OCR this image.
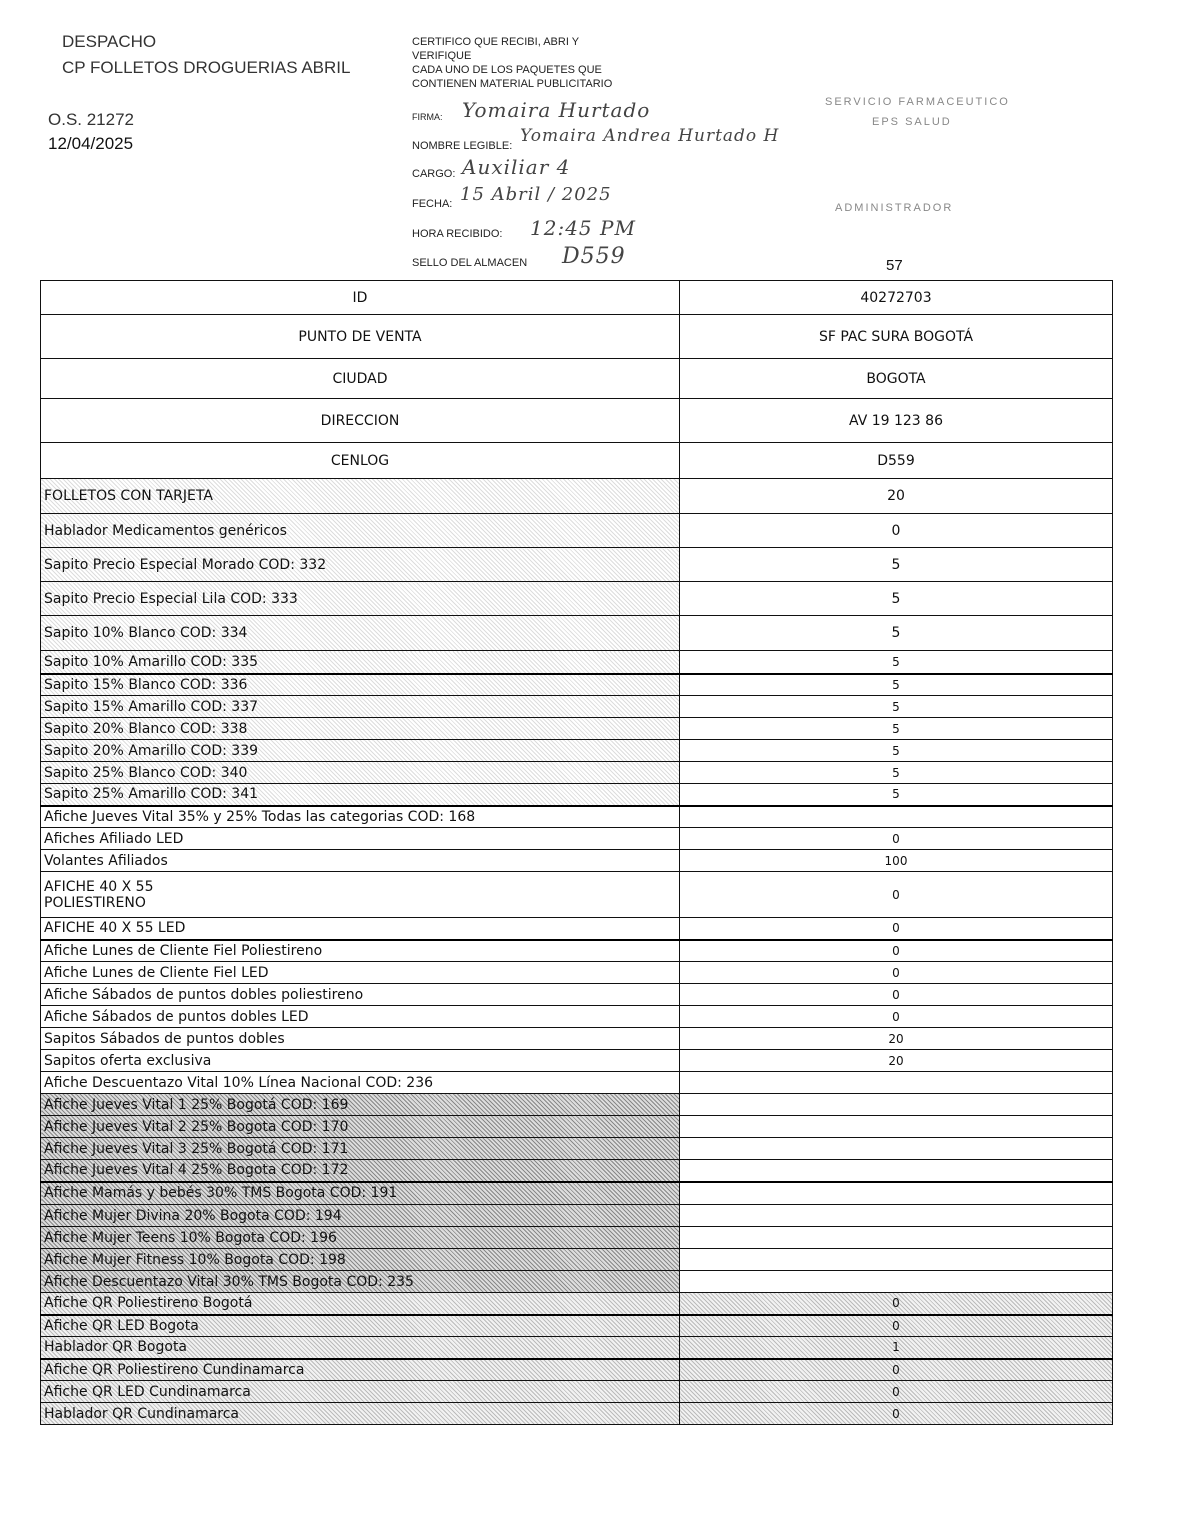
DESPACHO
CP FOLLETOS DROGUERIAS ABRIL
O.S. 21272
12/04/2025
CERTIFICO QUE RECIBI, ABRI Y
VERIFIQUE
CADA UNO DE LOS PAQUETES QUE
CONTIENEN MATERIAL PUBLICITARIO
FIRMA: Yomaira Hurtado
NOMBRE LEGIBLE: Yomaira Andrea Hurtado H
CARGO: Auxiliar 4
FECHA: 15 Abril / 2025
HORA RECIBIDO: 12:45 PM
SELLO DEL ALMACEN D559
SERVICIO FARMACEUTICO
EPS SALUD
ADMINISTRADOR
57
ID	40272703
PUNTO DE VENTA	SF PAC SURA BOGOTÁ
CIUDAD	BOGOTA
DIRECCION	AV 19 123 86
CENLOG	D559
FOLLETOS CON TARJETA	20
Hablador Medicamentos genéricos	0
Sapito Precio Especial Morado COD: 332	5
Sapito Precio Especial Lila COD: 333	5
Sapito 10% Blanco COD: 334	5
Sapito 10% Amarillo COD: 335	5
Sapito 15% Blanco COD: 336	5
Sapito 15% Amarillo COD: 337	5
Sapito 20% Blanco COD: 338	5
Sapito 20% Amarillo COD: 339	5
Sapito 25% Blanco COD: 340	5
Sapito 25% Amarillo COD: 341	5
Afiche Jueves Vital 35% y 25% Todas las categorias COD: 168	
Afiches Afiliado LED	0
Volantes Afiliados	100
AFICHE 40 X 55
POLIESTIRENO	0
AFICHE 40 X 55 LED	0
Afiche Lunes de Cliente Fiel Poliestireno	0
Afiche Lunes de Cliente Fiel LED	0
Afiche Sábados de puntos dobles poliestireno	0
Afiche Sábados de puntos dobles LED	0
Sapitos Sábados de puntos dobles	20
Sapitos oferta exclusiva	20
Afiche Descuentazo Vital 10% Línea Nacional COD: 236	
Afiche Jueves Vital 1 25% Bogotá COD: 169	
Afiche Jueves Vital 2 25% Bogota COD: 170	
Afiche Jueves Vital 3 25% Bogotá COD: 171	
Afiche Jueves Vital 4 25% Bogota COD: 172	
Afiche Mamás y bebés 30% TMS Bogota COD: 191	
Afiche Mujer Divina 20% Bogota COD: 194	
Afiche Mujer Teens 10% Bogota COD: 196	
Afiche Mujer Fitness 10% Bogota COD: 198	
Afiche Descuentazo Vital 30% TMS Bogota COD: 235	
Afiche QR Poliestireno Bogotá	0
Afiche QR LED Bogota	0
Hablador QR Bogota	1
Afiche QR Poliestireno Cundinamarca	0
Afiche QR LED Cundinamarca	0
Hablador QR Cundinamarca	0
